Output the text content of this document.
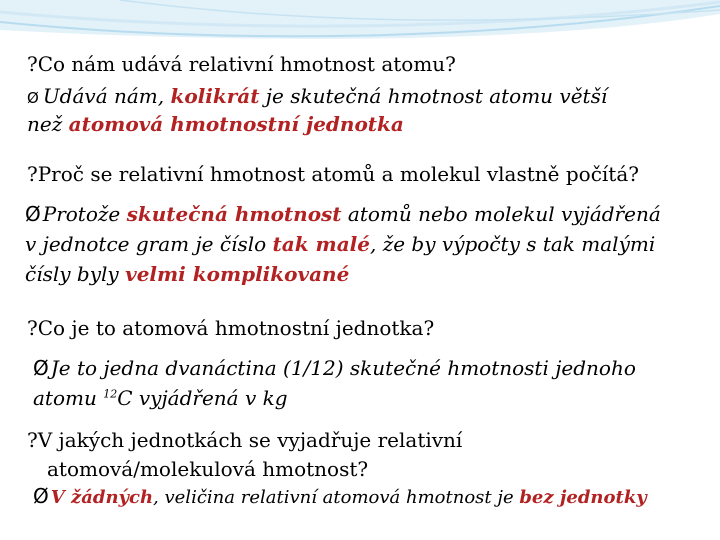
?Co nám udává relativní hmotnost atomu?

Ø Udává nám, kolikrát je skutečná hmotnost atomu větší

než atomová hmotnostní jednotka

?Proč se relativní hmotnost atomů a molekul vlastně počítá?

Ø Protože skutečná hmotnost atomů nebo molekul vyjádřená

v jednotce gram je číslo tak malé, že by výpočty s tak malými

čísly byly velmi komplikované

?Co je to atomová hmotnostní jednotka?

Ø Je to jedna dvanáctina (1/12) skutečné hmotnosti jednoho

atomu $^{12}$C vyjádřená v kg

?V jakých jednotkách se vyjadřuje relativní

atomová/molekulová hmotnost?

Ø V žádných, veličina relativní atomová hmotnost je bez jednotky
